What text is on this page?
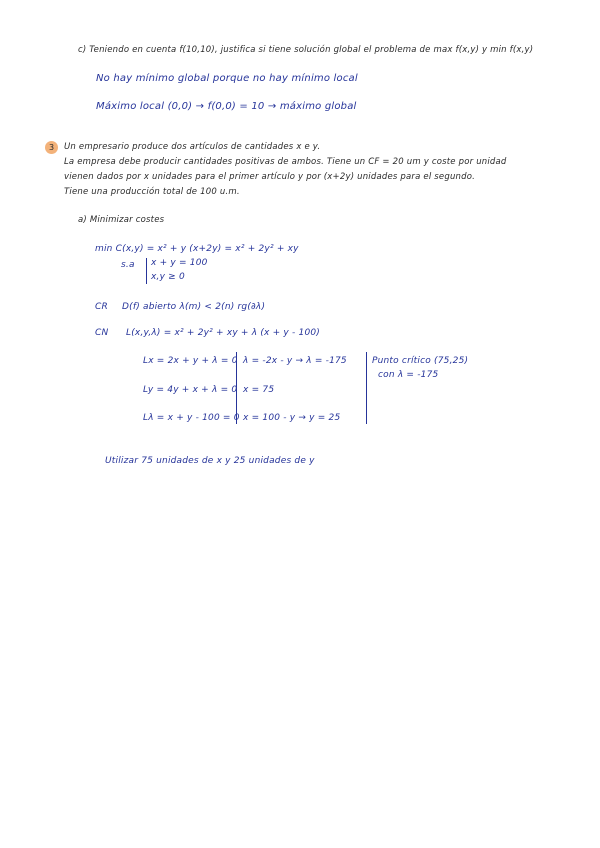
c) Teniendo en cuenta f(10,10), justifica si tiene solución global el problema de max f(x,y) y min f(x,y)
No hay mínimo global porque no hay mínimo local
Máximo local (0,0) → f(0,0) = 10 → máximo global
3	Un empresario produce dos artículos de cantidades x e y.
La empresa debe producir cantidades positivas de ambos. Tiene un CF = 20 um y coste por unidad
vienen dados por x unidades para el primer artículo y por (x+2y) unidades para el segundo.
Tiene una producción total de 100 u.m.
a) Minimizar costes
min C(x,y) = x² + y (x+2y) = x² + 2y² + xy
s.a x + y = 100
x,y ≥ 0
CR D(f) abierto λ(m) < 2(n) rg(∂λ)
CN L(x,y,λ) = x² + 2y² + xy + λ (x + y - 100)
Lx = 2x + y + λ = 0
Ly = 4y + x + λ = 0
Lλ = x + y - 100 = 0
λ = -2x - y → λ = -175
x = 75
x = 100 - y → y = 25
Punto crítico (75,25)
con λ = -175
Utilizar 75 unidades de x y 25 unidades de y
